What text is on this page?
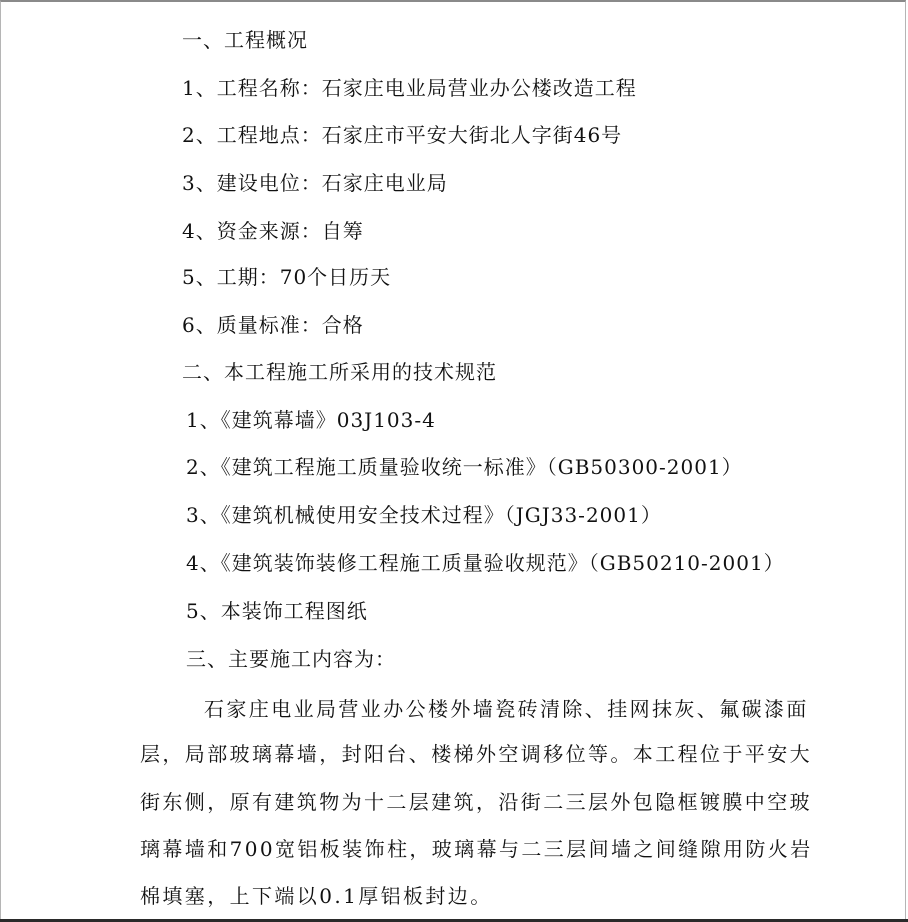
一、工程概况
1、工程名称：石家庄电业局营业办公楼改造工程
2、工程地点：石家庄市平安大街北人字街46号
3、建设电位：石家庄电业局
4、资金来源：自筹
5、工期：70个日历天
6、质量标准：合格
二、本工程施工所采用的技术规范
1、《建筑幕墙》03J103-4
2、《建筑工程施工质量验收统一标准》（GB50300-2001）
3、《建筑机械使用安全技术过程》（JGJ33-2001）
4、《建筑装饰装修工程施工质量验收规范》（GB50210-2001）
5、本装饰工程图纸
三、主要施工内容为：
石家庄电业局营业办公楼外墙瓷砖清除、挂网抹灰、氟碳漆面
层，局部玻璃幕墙，封阳台、楼梯外空调移位等。本工程位于平安大
街东侧，原有建筑物为十二层建筑，沿街二三层外包隐框镀膜中空玻
璃幕墙和700宽铝板装饰柱，玻璃幕与二三层间墙之间缝隙用防火岩
棉填塞，上下端以0.1厚铝板封边。
